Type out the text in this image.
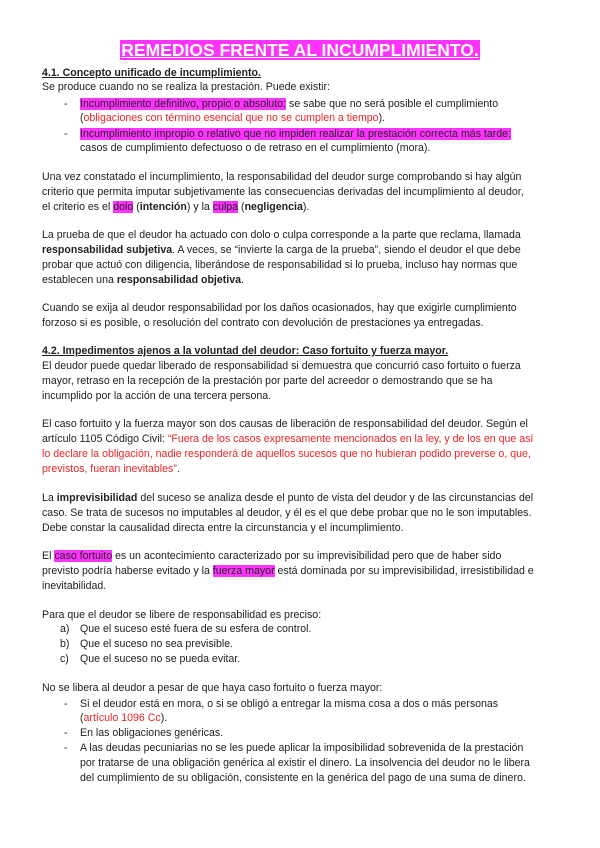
REMEDIOS FRENTE AL INCUMPLIMIENTO.
4.1. Concepto unificado de incumplimiento.
Se produce cuando no se realiza la prestación. Puede existir:
- Incumplimiento definitivo, propio o absoluto: se sabe que no será posible el cumplimiento
(obligaciones con término esencial que no se cumplen a tiempo).
- Incumplimiento impropio o relativo que no impiden realizar la prestación correcta más tarde:
casos de cumplimiento defectuoso o de retraso en el cumplimiento (mora).
Una vez constatado el incumplimiento, la responsabilidad del deudor surge comprobando si hay algún
criterio que permita imputar subjetivamente las consecuencias derivadas del incumplimiento al deudor,
el criterio es el dolo (intención) y la culpa (negligencia).
La prueba de que el deudor ha actuado con dolo o culpa corresponde a la parte que reclama, llamada
responsabilidad subjetiva. A veces, se “invierte la carga de la prueba”, siendo el deudor el que debe
probar que actuó con diligencia, liberándose de responsabilidad si lo prueba, incluso hay normas que
establecen una responsabilidad objetiva.
Cuando se exija al deudor responsabilidad por los daños ocasionados, hay que exigirle cumplimiento
forzoso si es posible, o resolución del contrato con devolución de prestaciones ya entregadas.
4.2. Impedimentos ajenos a la voluntad del deudor: Caso fortuito y fuerza mayor.
El deudor puede quedar liberado de responsabilidad si demuestra que concurrió caso fortuito o fuerza
mayor, retraso en la recepción de la prestación por parte del acreedor o demostrando que se ha
incumplido por la acción de una tercera persona.
El caso fortuito y la fuerza mayor son dos causas de liberación de responsabilidad del deudor. Según el
artículo 1105 Código Civil: “Fuera de los casos expresamente mencionados en la ley, y de los en que así
lo declare la obligación, nadie responderá de aquellos sucesos que no hubieran podido preverse o, que,
previstos, fueran inevitables”.
La imprevisibilidad del suceso se analiza desde el punto de vista del deudor y de las circunstancias del
caso. Se trata de sucesos no imputables al deudor, y él es el que debe probar que no le son imputables.
Debe constar la causalidad directa entre la circunstancia y el incumplimiento.
El caso fortuito es un acontecimiento caracterizado por su imprevisibilidad pero que de haber sido
previsto podría haberse evitado y la fuerza mayor está dominada por su imprevisibilidad, irresistibilidad e
inevitabilidad.
Para que el deudor se libere de responsabilidad es preciso:
a) Que el suceso esté fuera de su esfera de control.
b) Que el suceso no sea previsible.
c) Que el suceso no se pueda evitar.
No se libera al deudor a pesar de que haya caso fortuito o fuerza mayor:
- Si el deudor está en mora, o si se obligó a entregar la misma cosa a dos o más personas
(artículo 1096 Cc).
- En las obligaciones genéricas.
- A las deudas pecuniarias no se les puede aplicar la imposibilidad sobrevenida de la prestación
por tratarse de una obligación genérica al existir el dinero. La insolvencia del deudor no le libera
del cumplimiento de su obligación, consistente en la genérica del pago de una suma de dinero.
